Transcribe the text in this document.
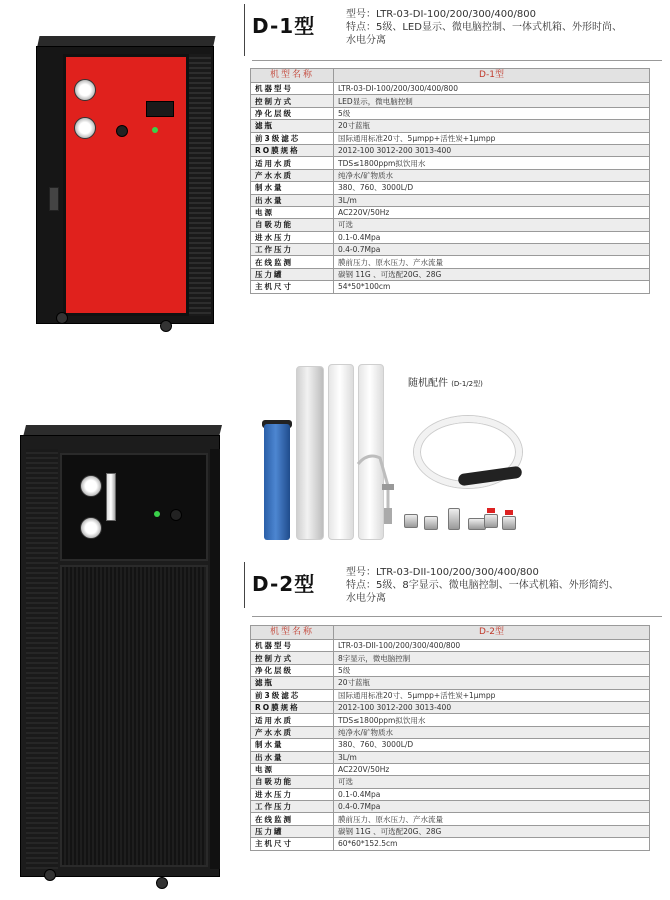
D-1型	型号：LTR-03-DI-100/200/300/400/800
特点：5级、LED显示、微电脑控制、一体式机箱、外形时尚、
水电分离
机型名称	D-1型
机器型号	LTR-03-DI-100/200/300/400/800
控制方式	LED显示，微电脑控制
净化层级	5级
滤瓶	20寸蓝瓶
前3级滤芯	国际通用标准20寸、5μmpp+活性炭+1μmpp
RO膜规格	2012-100 3012-200 3013-400
适用水质	TDS≤1800ppm拟饮用水
产水水质	纯净水/矿物质水
制水量	380、760、3000L/D
出水量	3L/m
电源	AC220V/50Hz
自吸功能	可选
进水压力	0.1-0.4Mpa
工作压力	0.4-0.7Mpa
在线监测	膜前压力、原水压力、产水流量
压力罐	碳钢 11G 、可选配20G、28G
主机尺寸	54*50*100cm
随机配件 (D-1/2型)
D-2型	型号：LTR-03-DII-100/200/300/400/800
特点：5级、8字显示、微电脑控制、一体式机箱、外形简约、
水电分离
机型名称	D-2型
机器型号	LTR-03-DII-100/200/300/400/800
控制方式	8字显示，微电脑控制
净化层级	5级
滤瓶	20寸蓝瓶
前3级滤芯	国际通用标准20寸、5μmpp+活性炭+1μmpp
RO膜规格	2012-100 3012-200 3013-400
适用水质	TDS≤1800ppm拟饮用水
产水水质	纯净水/矿物质水
制水量	380、760、3000L/D
出水量	3L/m
电源	AC220V/50Hz
自吸功能	可选
进水压力	0.1-0.4Mpa
工作压力	0.4-0.7Mpa
在线监测	膜前压力、原水压力、产水流量
压力罐	碳钢 11G 、可选配20G、28G
主机尺寸	60*60*152.5cm
